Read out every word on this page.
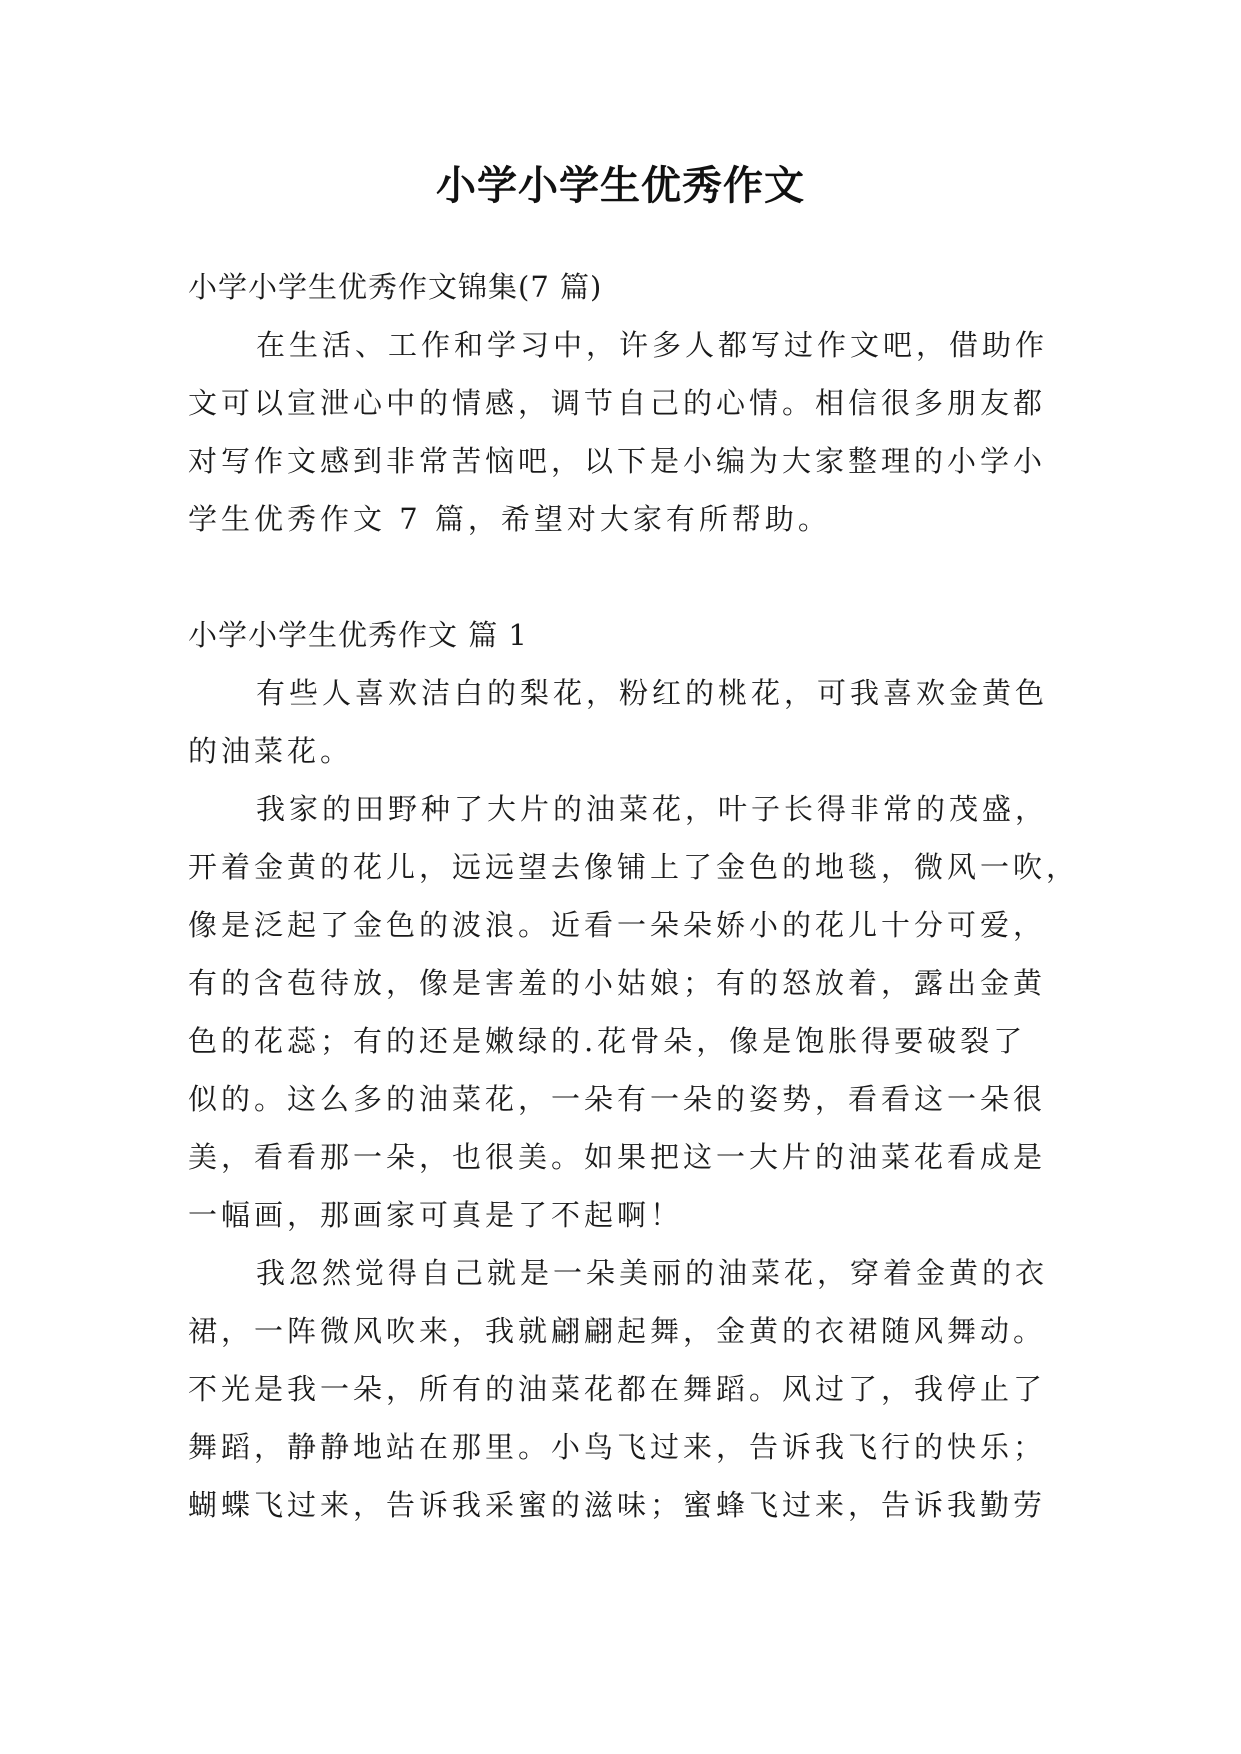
小学小学生优秀作文
小学小学生优秀作文锦集(7 篇)
在生活、工作和学习中，许多人都写过作文吧，借助作
文可以宣泄心中的情感，调节自己的心情。相信很多朋友都
对写作文感到非常苦恼吧，以下是小编为大家整理的小学小
学生优秀作文 7 篇，希望对大家有所帮助。
小学小学生优秀作文 篇 1
有些人喜欢洁白的梨花，粉红的桃花，可我喜欢金黄色
的油菜花。
我家的田野种了大片的油菜花，叶子长得非常的茂盛，
开着金黄的花儿，远远望去像铺上了金色的地毯，微风一吹，
像是泛起了金色的波浪。近看一朵朵娇小的花儿十分可爱，
有的含苞待放，像是害羞的小姑娘；有的怒放着，露出金黄
色的花蕊；有的还是嫩绿的.花骨朵，像是饱胀得要破裂了
似的。这么多的油菜花，一朵有一朵的姿势，看看这一朵很
美，看看那一朵，也很美。如果把这一大片的油菜花看成是
一幅画，那画家可真是了不起啊！
我忽然觉得自己就是一朵美丽的油菜花，穿着金黄的衣
裙，一阵微风吹来，我就翩翩起舞，金黄的衣裙随风舞动。
不光是我一朵，所有的油菜花都在舞蹈。风过了，我停止了
舞蹈，静静地站在那里。小鸟飞过来，告诉我飞行的快乐；
蝴蝶飞过来，告诉我采蜜的滋味；蜜蜂飞过来，告诉我勤劳
